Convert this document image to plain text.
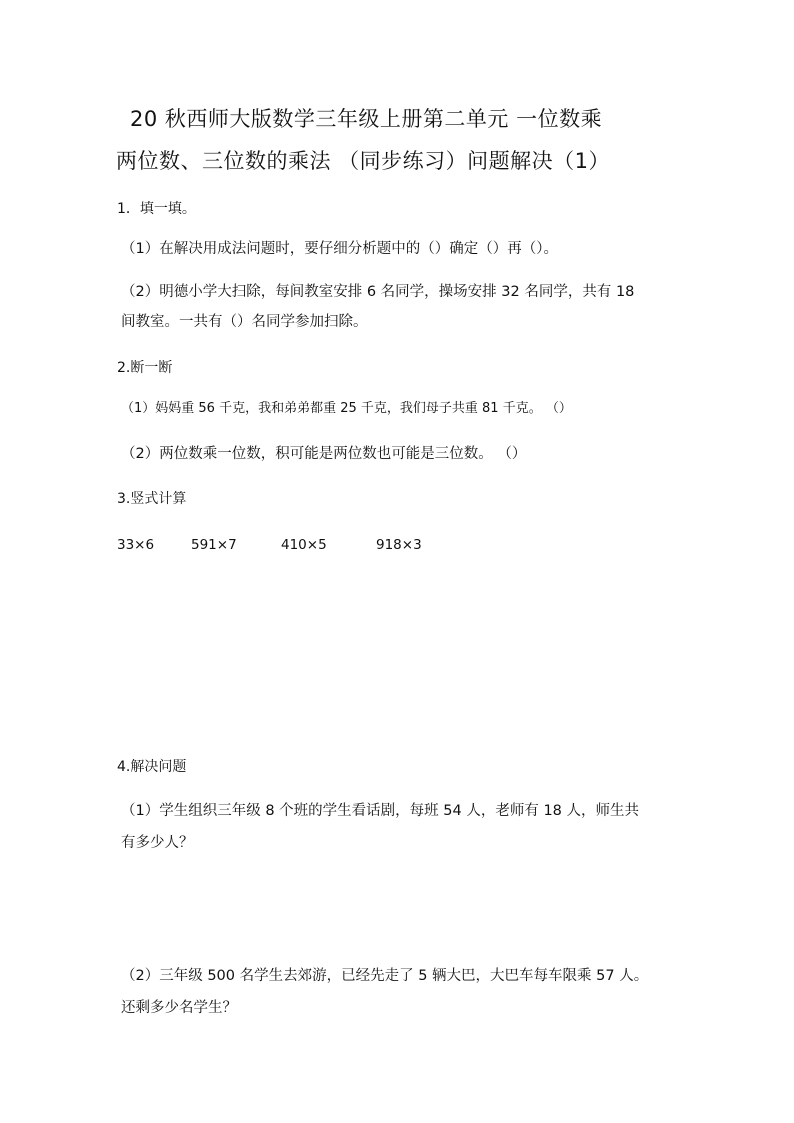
20 秋西师大版数学三年级上册第二单元 一位数乘
两位数、三位数的乘法 （同步练习）问题解决（1）
1．填一填。
（1）在解决用成法问题时，要仔细分析题中的（）确定（）再（）。
（2）明德小学大扫除，每间教室安排 6 名同学，操场安排 32 名同学，共有 18
间教室。一共有（）名同学参加扫除。
2.断一断
（1）妈妈重 56 千克，我和弟弟都重 25 千克，我们母子共重 81 千克。 （）
（2）两位数乘一位数，积可能是两位数也可能是三位数。 （）
3.竖式计算
33×6	591×7	410×5	918×3
4.解决问题
（1）学生组织三年级 8 个班的学生看话剧，每班 54 人，老师有 18 人，师生共
有多少人？
（2）三年级 500 名学生去郊游，已经先走了 5 辆大巴，大巴车每车限乘 57 人。
还剩多少名学生？
